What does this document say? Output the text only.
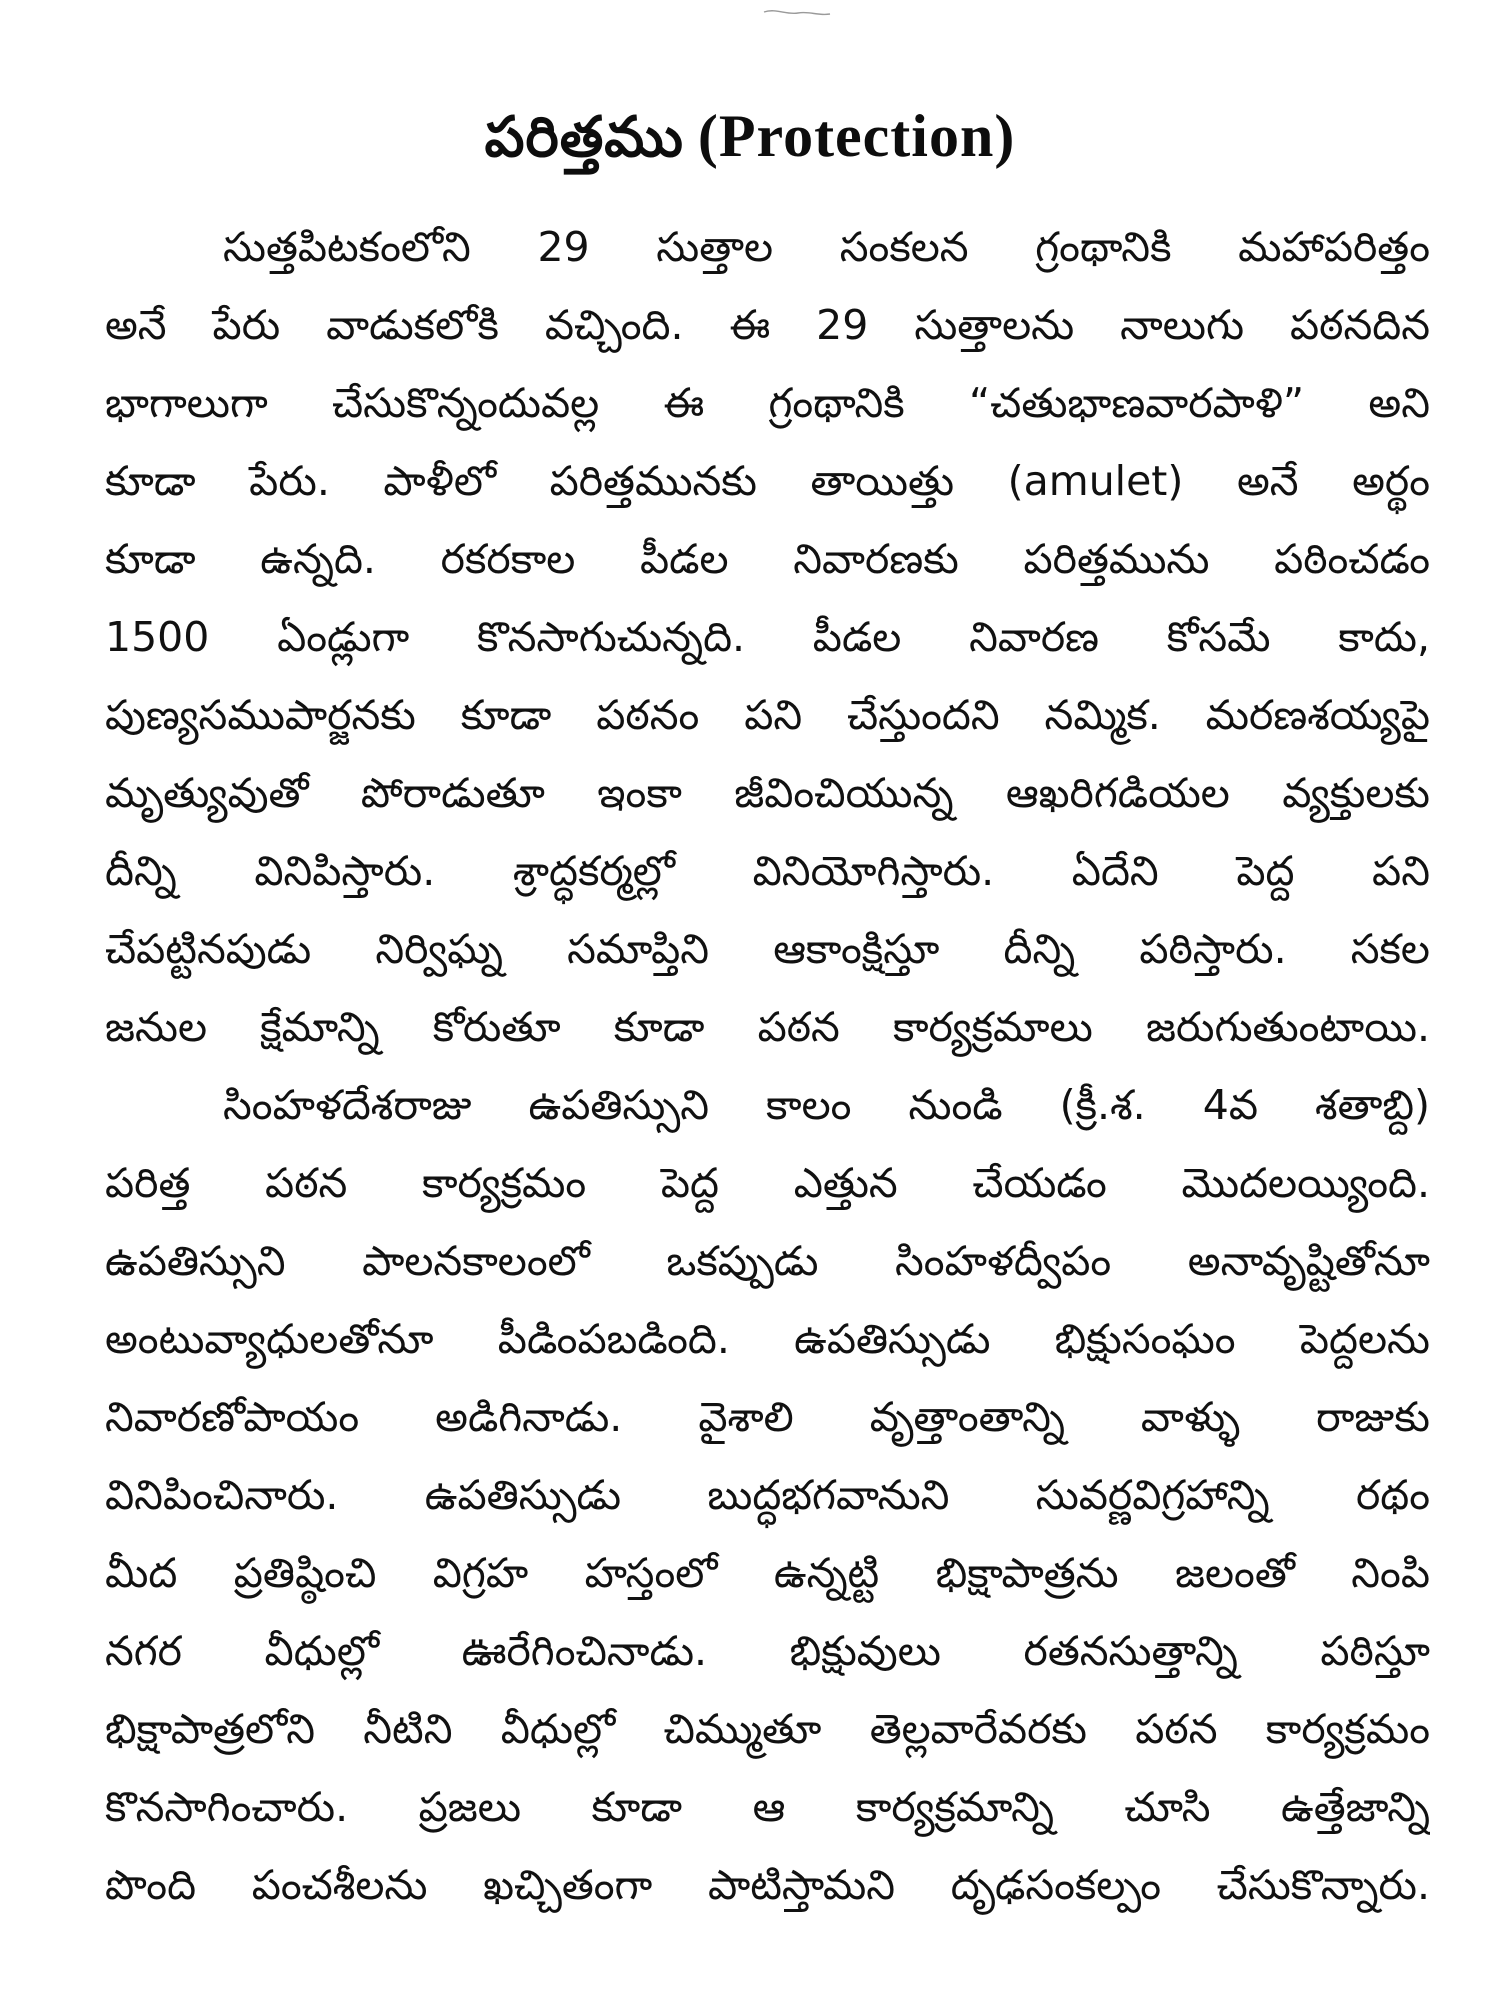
పరిత్తము (Protection)
సుత్తపిటకంలోని 29 సుత్తాల సంకలన గ్రంథానికి మహాపరిత్తం
అనే పేరు వాడుకలోకి వచ్చింది. ఈ 29 సుత్తాలను నాలుగు పఠనదిన
భాగాలుగా చేసుకొన్నందువల్ల ఈ గ్రంథానికి “చతుభాణవారపాళి” అని
కూడా పేరు. పాళీలో పరిత్తమునకు తాయిత్తు (amulet) అనే అర్థం
కూడా ఉన్నది. రకరకాల పీడల నివారణకు పరిత్తమును పఠించడం
1500 ఏండ్లుగా కొనసాగుచున్నది. పీడల నివారణ కోసమే కాదు,
పుణ్యసముపార్జనకు కూడా పఠనం పని చేస్తుందని నమ్మిక. మరణశయ్యపై
మృత్యువుతో పోరాడుతూ ఇంకా జీవించియున్న ఆఖరిగడియల వ్యక్తులకు
దీన్ని వినిపిస్తారు. శ్రాద్ధకర్మల్లో వినియోగిస్తారు. ఏదేని పెద్ద పని
చేపట్టినపుడు నిర్విఘ్న సమాప్తిని ఆకాంక్షిస్తూ దీన్ని పఠిస్తారు. సకల
జనుల క్షేమాన్ని కోరుతూ కూడా పఠన కార్యక్రమాలు జరుగుతుంటాయి.
సింహళదేశరాజు ఉపతిస్సుని కాలం నుండి (క్రీ.శ. 4వ శతాబ్ది)
పరిత్త పఠన కార్యక్రమం పెద్ద ఎత్తున చేయడం మొదలయ్యింది.
ఉపతిస్సుని పాలనకాలంలో ఒకప్పుడు సింహళద్వీపం అనావృష్టితోనూ
అంటువ్యాధులతోనూ పీడింపబడింది. ఉపతిస్సుడు భిక్షుసంఘం పెద్దలను
నివారణోపాయం అడిగినాడు. వైశాలి వృత్తాంతాన్ని వాళ్ళు రాజుకు
వినిపించినారు. ఉపతిస్సుడు బుద్ధభగవానుని సువర్ణవిగ్రహాన్ని రథం
మీద ప్రతిష్ఠించి విగ్రహ హస్తంలో ఉన్నట్టి భిక్షాపాత్రను జలంతో నింపి
నగర వీధుల్లో ఊరేగించినాడు. భిక్షువులు రతనసుత్తాన్ని పఠిస్తూ
భిక్షాపాత్రలోని నీటిని వీధుల్లో చిమ్ముతూ తెల్లవారేవరకు పఠన కార్యక్రమం
కొనసాగించారు. ప్రజలు కూడా ఆ కార్యక్రమాన్ని చూసి ఉత్తేజాన్ని
పొంది పంచశీలను ఖచ్చితంగా పాటిస్తామని దృఢసంకల్పం చేసుకొన్నారు.
